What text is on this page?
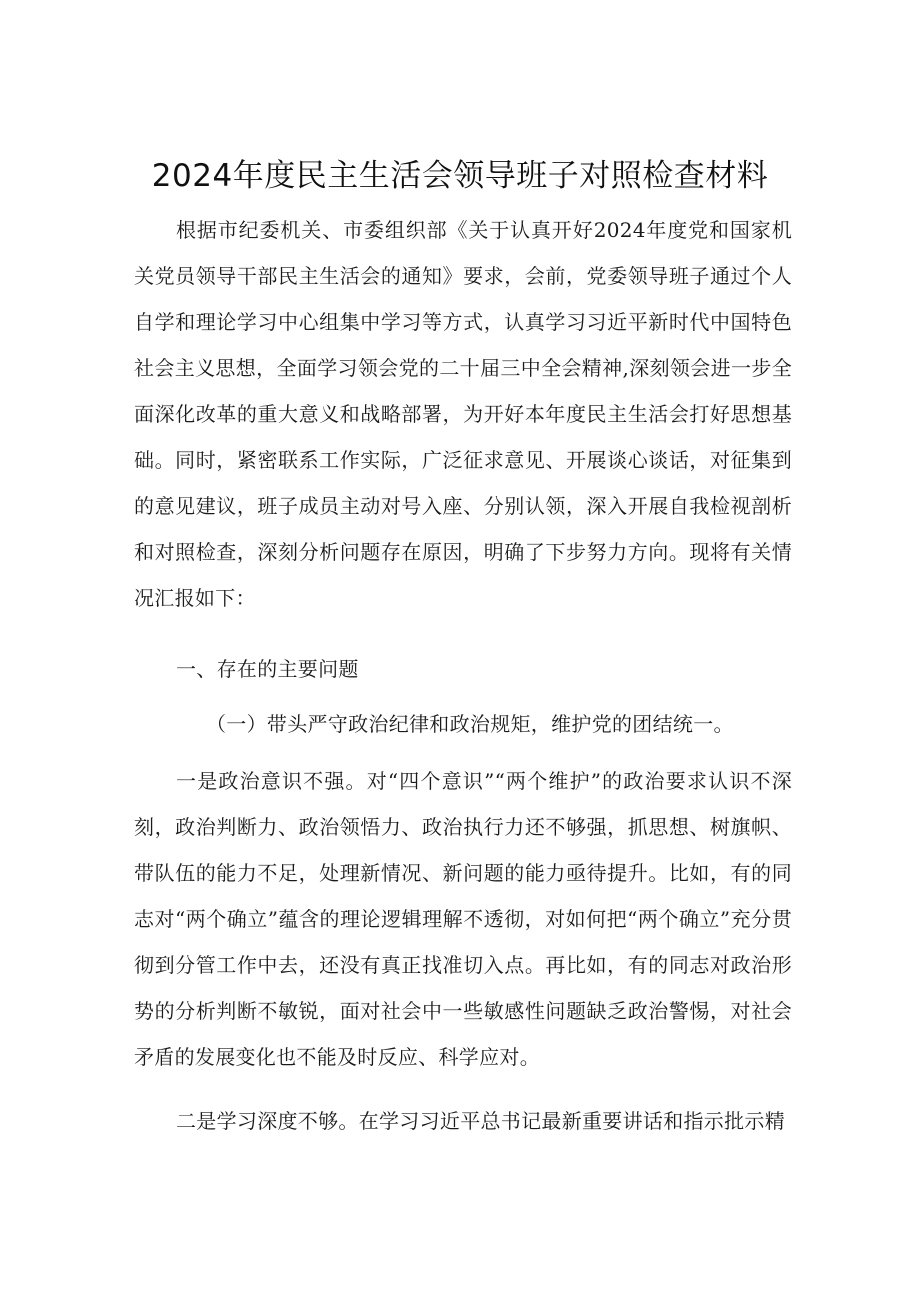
2024年度民主生活会领导班子对照检查材料

根据市纪委机关、市委组织部《关于认真开好2024年度党和国家机关党员领导干部民主生活会的通知》要求，会前，党委领导班子通过个人自学和理论学习中心组集中学习等方式，认真学习习近平新时代中国特色社会主义思想，全面学习领会党的二十届三中全会精神,深刻领会进一步全面深化改革的重大意义和战略部署，为开好本年度民主生活会打好思想基础。同时，紧密联系工作实际，广泛征求意见、开展谈心谈话，对征集到的意见建议，班子成员主动对号入座、分别认领，深入开展自我检视剖析和对照检查，深刻分析问题存在原因，明确了下步努力方向。现将有关情况汇报如下：

一、存在的主要问题

（一）带头严守政治纪律和政治规矩，维护党的团结统一。

一是政治意识不强。对“四个意识”“两个维护”的政治要求认识不深刻，政治判断力、政治领悟力、政治执行力还不够强，抓思想、树旗帜、带队伍的能力不足，处理新情况、新问题的能力亟待提升。比如，有的同志对“两个确立”蕴含的理论逻辑理解不透彻，对如何把“两个确立”充分贯彻到分管工作中去，还没有真正找准切入点。再比如，有的同志对政治形势的分析判断不敏锐，面对社会中一些敏感性问题缺乏政治警惕，对社会矛盾的发展变化也不能及时反应、科学应对。

二是学习深度不够。在学习习近平总书记最新重要讲话和指示批示精
